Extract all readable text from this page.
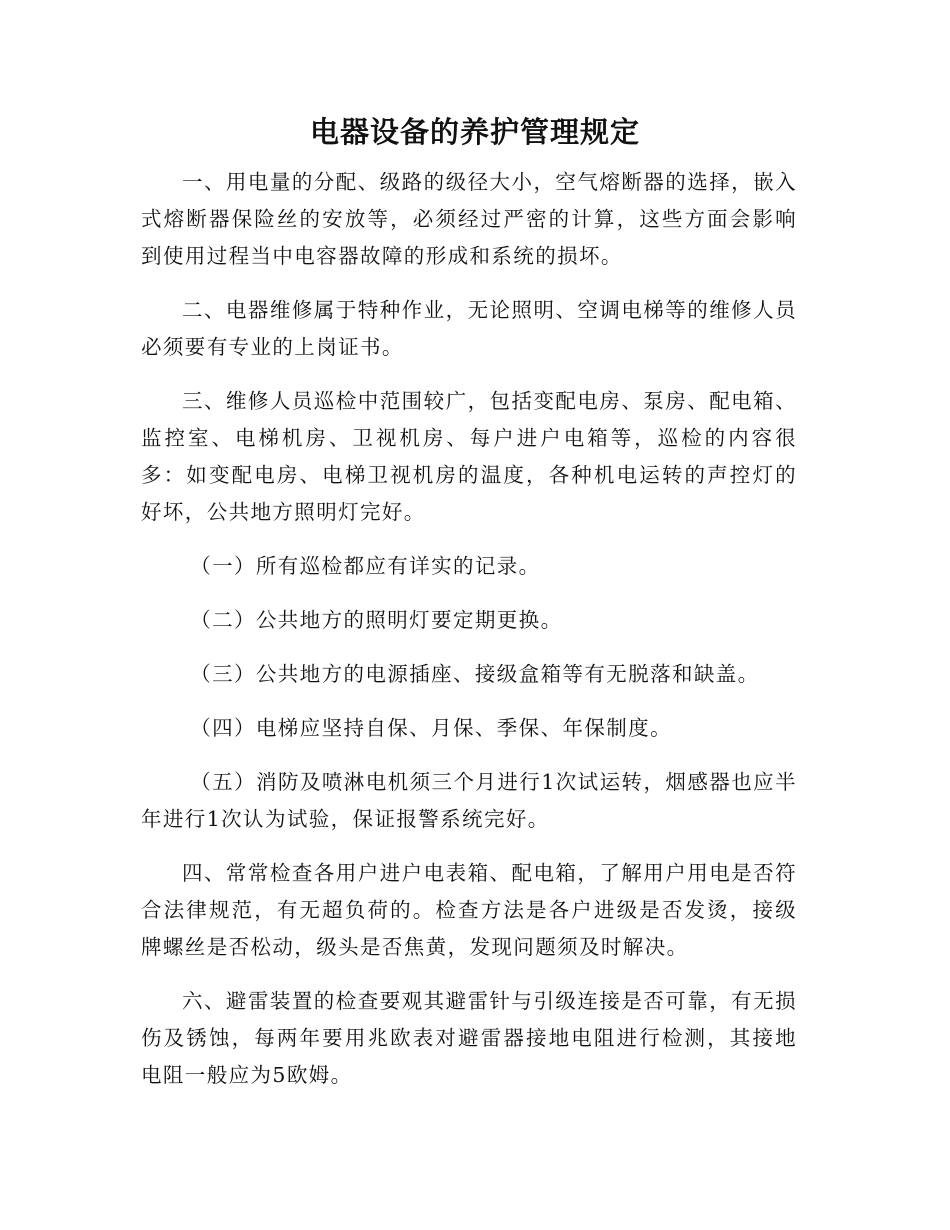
电器设备的养护管理规定

一、用电量的分配、级路的级径大小，空气熔断器的选择，嵌入式熔断器保险丝的安放等，必须经过严密的计算，这些方面会影响到使用过程当中电容器故障的形成和系统的损坏。

二、电器维修属于特种作业，无论照明、空调电梯等的维修人员必须要有专业的上岗证书。

三、维修人员巡检中范围较广，包括变配电房、泵房、配电箱、监控室、电梯机房、卫视机房、每户进户电箱等，巡检的内容很多：如变配电房、电梯卫视机房的温度，各种机电运转的声控灯的好坏，公共地方照明灯完好。

（一）所有巡检都应有详实的记录。

（二）公共地方的照明灯要定期更换。

（三）公共地方的电源插座、接级盒箱等有无脱落和缺盖。

（四）电梯应坚持自保、月保、季保、年保制度。

（五）消防及喷淋电机须三个月进行1次试运转，烟感器也应半年进行1次认为试验，保证报警系统完好。

四、常常检查各用户进户电表箱、配电箱，了解用户用电是否符合法律规范，有无超负荷的。检查方法是各户进级是否发烫，接级牌螺丝是否松动，级头是否焦黄，发现问题须及时解决。

六、避雷装置的检查要观其避雷针与引级连接是否可靠，有无损伤及锈蚀，每两年要用兆欧表对避雷器接地电阻进行检测，其接地电阻一般应为5欧姆。
